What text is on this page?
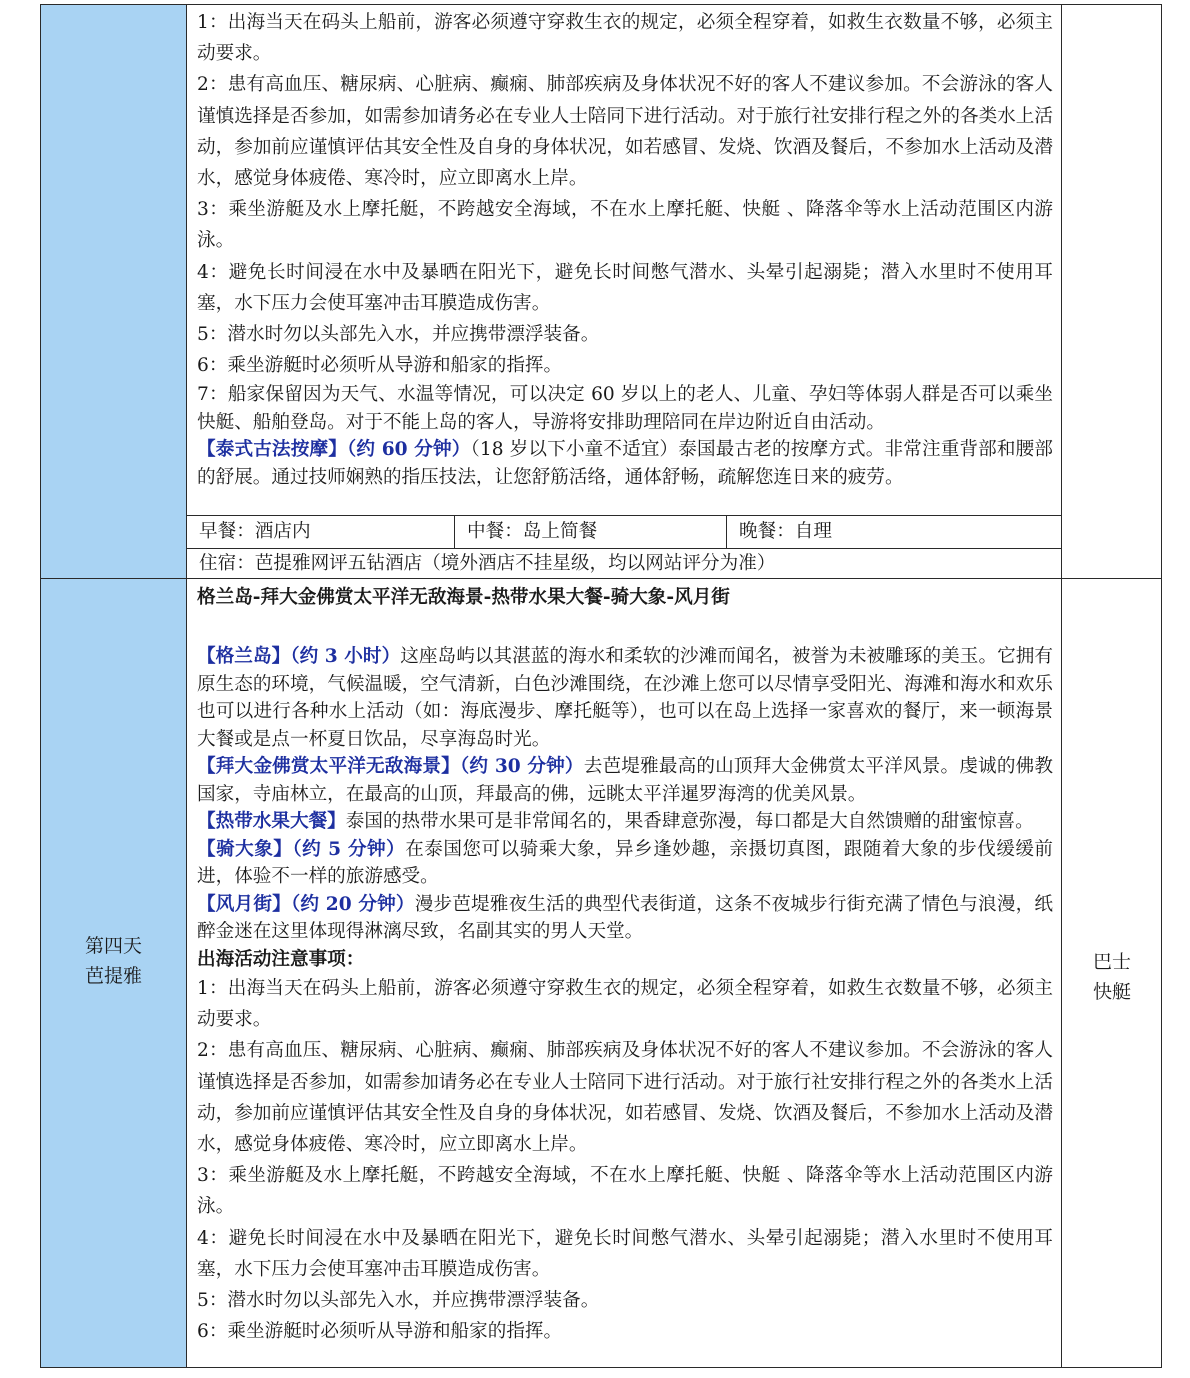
1：出海当天在码头上船前，游客必须遵守穿救生衣的规定，必须全程穿着，如救生衣数量不够，必须主动要求。

2：患有高血压、糖尿病、心脏病、癫痫、肺部疾病及身体状况不好的客人不建议参加。不会游泳的客人谨慎选择是否参加，如需参加请务必在专业人士陪同下进行活动。对于旅行社安排行程之外的各类水上活动，参加前应谨慎评估其安全性及自身的身体状况，如若感冒、发烧、饮酒及餐后，不参加水上活动及潜水，感觉身体疲倦、寒冷时，应立即离水上岸。

3：乘坐游艇及水上摩托艇，不跨越安全海域，不在水上摩托艇、快艇 、降落伞等水上活动范围区内游泳。

4：避免长时间浸在水中及暴晒在阳光下，避免长时间憋气潜水、头晕引起溺毙；潜入水里时不使用耳塞，水下压力会使耳塞冲击耳膜造成伤害。

5：潜水时勿以头部先入水，并应携带漂浮装备。

6：乘坐游艇时必须听从导游和船家的指挥。

7：船家保留因为天气、水温等情况，可以决定 60 岁以上的老人、儿童、孕妇等体弱人群是否可以乘坐快艇、船舶登岛。对于不能上岛的客人，导游将安排助理陪同在岸边附近自由活动。

【泰式古法按摩】（约 60 分钟）（18 岁以下小童不适宜）泰国最古老的按摩方式。非常注重背部和腰部的舒展。通过技师娴熟的指压技法，让您舒筋活络，通体舒畅，疏解您连日来的疲劳。

早餐：酒店内	中餐：岛上简餐	晚餐：自理
住宿：芭提雅网评五钻酒店（境外酒店不挂星级，均以网站评分为准）
第四天
芭提雅

格兰岛-拜大金佛赏太平洋无敌海景-热带水果大餐-骑大象-风月街

【格兰岛】（约 3 小时）这座岛屿以其湛蓝的海水和柔软的沙滩而闻名，被誉为未被雕琢的美玉。它拥有原生态的环境，气候温暖，空气清新，白色沙滩围绕，在沙滩上您可以尽情享受阳光、海滩和海水和欢乐也可以进行各种水上活动（如：海底漫步、摩托艇等），也可以在岛上选择一家喜欢的餐厅，来一顿海景大餐或是点一杯夏日饮品，尽享海岛时光。

【拜大金佛赏太平洋无敌海景】（约 30 分钟）去芭堤雅最高的山顶拜大金佛赏太平洋风景。虔诚的佛教国家，寺庙林立，在最高的山顶，拜最高的佛，远眺太平洋暹罗海湾的优美风景。

【热带水果大餐】泰国的热带水果可是非常闻名的，果香肆意弥漫，每口都是大自然馈赠的甜蜜惊喜。

【骑大象】（约 5 分钟）在泰国您可以骑乘大象，异乡逢妙趣，亲摄切真图，跟随着大象的步伐缓缓前进，体验不一样的旅游感受。

【风月街】（约 20 分钟）漫步芭堤雅夜生活的典型代表街道，这条不夜城步行街充满了情色与浪漫，纸醉金迷在这里体现得淋漓尽致，名副其实的男人天堂。

出海活动注意事项：

1：出海当天在码头上船前，游客必须遵守穿救生衣的规定，必须全程穿着，如救生衣数量不够，必须主动要求。

2：患有高血压、糖尿病、心脏病、癫痫、肺部疾病及身体状况不好的客人不建议参加。不会游泳的客人谨慎选择是否参加，如需参加请务必在专业人士陪同下进行活动。对于旅行社安排行程之外的各类水上活动，参加前应谨慎评估其安全性及自身的身体状况，如若感冒、发烧、饮酒及餐后，不参加水上活动及潜水，感觉身体疲倦、寒冷时，应立即离水上岸。

3：乘坐游艇及水上摩托艇，不跨越安全海域，不在水上摩托艇、快艇 、降落伞等水上活动范围区内游泳。

4：避免长时间浸在水中及暴晒在阳光下，避免长时间憋气潜水、头晕引起溺毙；潜入水里时不使用耳塞，水下压力会使耳塞冲击耳膜造成伤害。

5：潜水时勿以头部先入水，并应携带漂浮装备。

6：乘坐游艇时必须听从导游和船家的指挥。

巴士
快艇
